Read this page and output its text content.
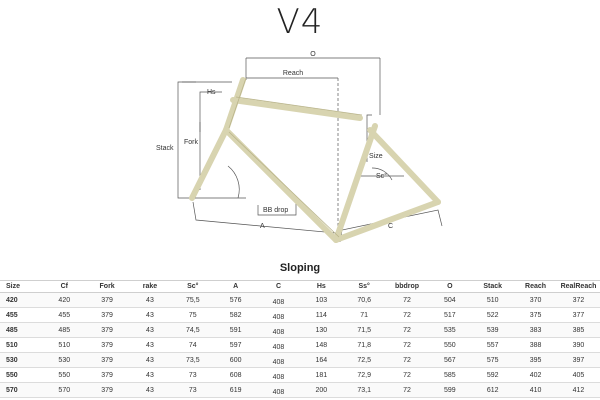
V4
O
Reach
Hs
Stack
Fork
Size
Sc°
BB drop
A	C
Sloping
Size	Cf	Fork	rake	Sc°	A	C	Hs	Ss°	bbdrop	O	Stack	Reach	RealReach
420	420	379	43	75,5	576	408	103	70,6	72	504	510	370	372
455	455	379	43	75	582	408	114	71	72	517	522	375	377
485	485	379	43	74,5	591	408	130	71,5	72	535	539	383	385
510	510	379	43	74	597	408	148	71,8	72	550	557	388	390
530	530	379	43	73,5	600	408	164	72,5	72	567	575	395	397
550	550	379	43	73	608	408	181	72,9	72	585	592	402	405
570	570	379	43	73	619	408	200	73,1	72	599	612	410	412
